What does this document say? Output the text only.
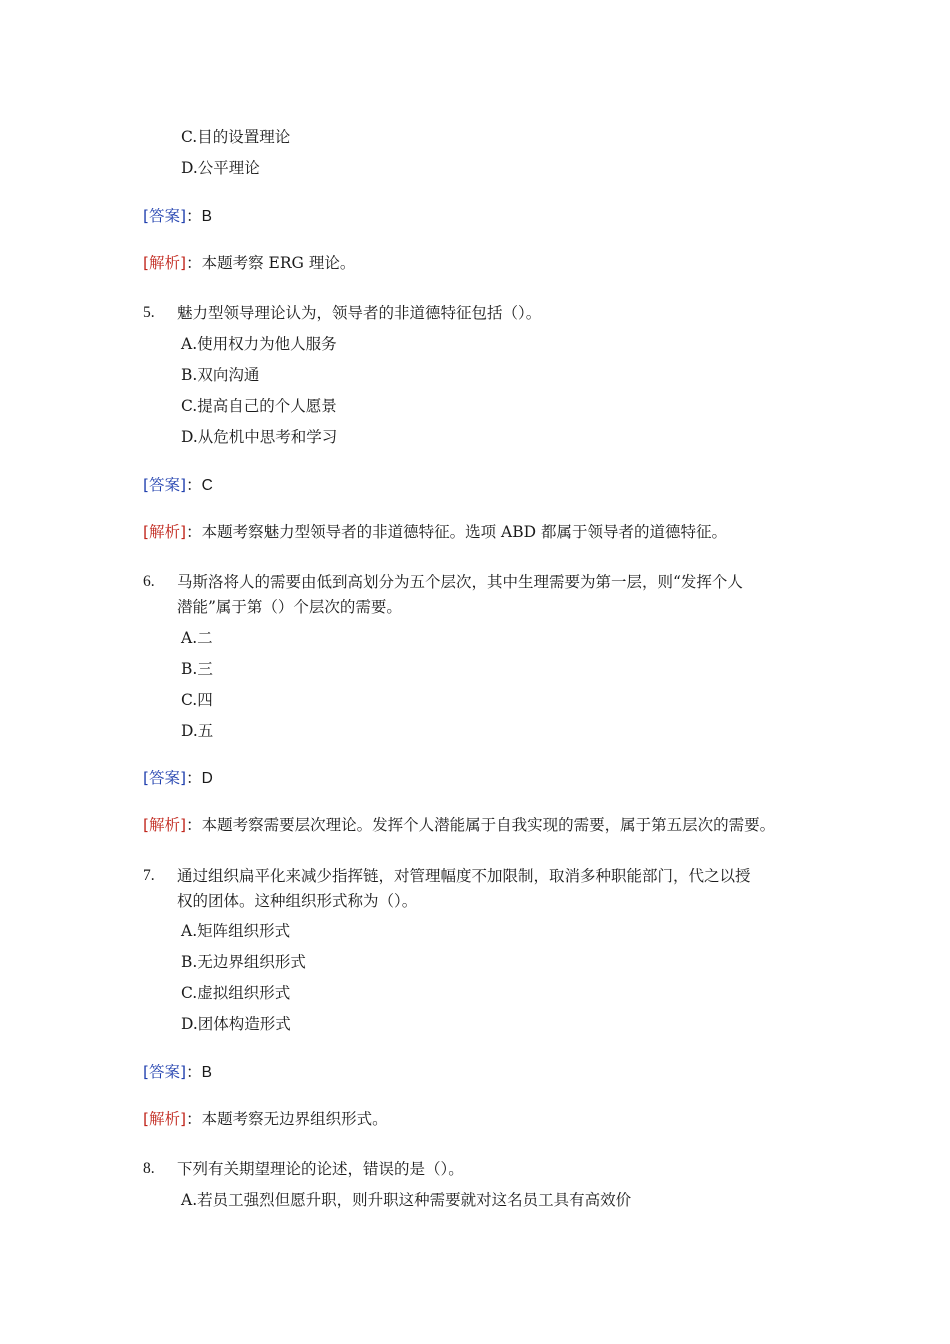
C.目的设置理论
D.公平理论
[答案]：B
[解析]：本题考察 ERG 理论。
5. 魅力型领导理论认为，领导者的非道德特征包括（）。
A.使用权力为他人服务
B.双向沟通
C.提高自己的个人愿景
D.从危机中思考和学习
[答案]：C
[解析]：本题考察魅力型领导者的非道德特征。选项 ABD 都属于领导者的道德特征。
6. 马斯洛将人的需要由低到高划分为五个层次，其中生理需要为第一层，则“发挥个人
潜能”属于第（）个层次的需要。
A.二
B.三
C.四
D.五
[答案]：D
[解析]：本题考察需要层次理论。发挥个人潜能属于自我实现的需要，属于第五层次的需要。
7. 通过组织扁平化来减少指挥链，对管理幅度不加限制，取消多种职能部门，代之以授
权的团体。这种组织形式称为（）。
A.矩阵组织形式
B.无边界组织形式
C.虚拟组织形式
D.团体构造形式
[答案]：B
[解析]：本题考察无边界组织形式。
8. 下列有关期望理论的论述，错误的是（）。
A.若员工强烈但愿升职，则升职这种需要就对这名员工具有高效价
